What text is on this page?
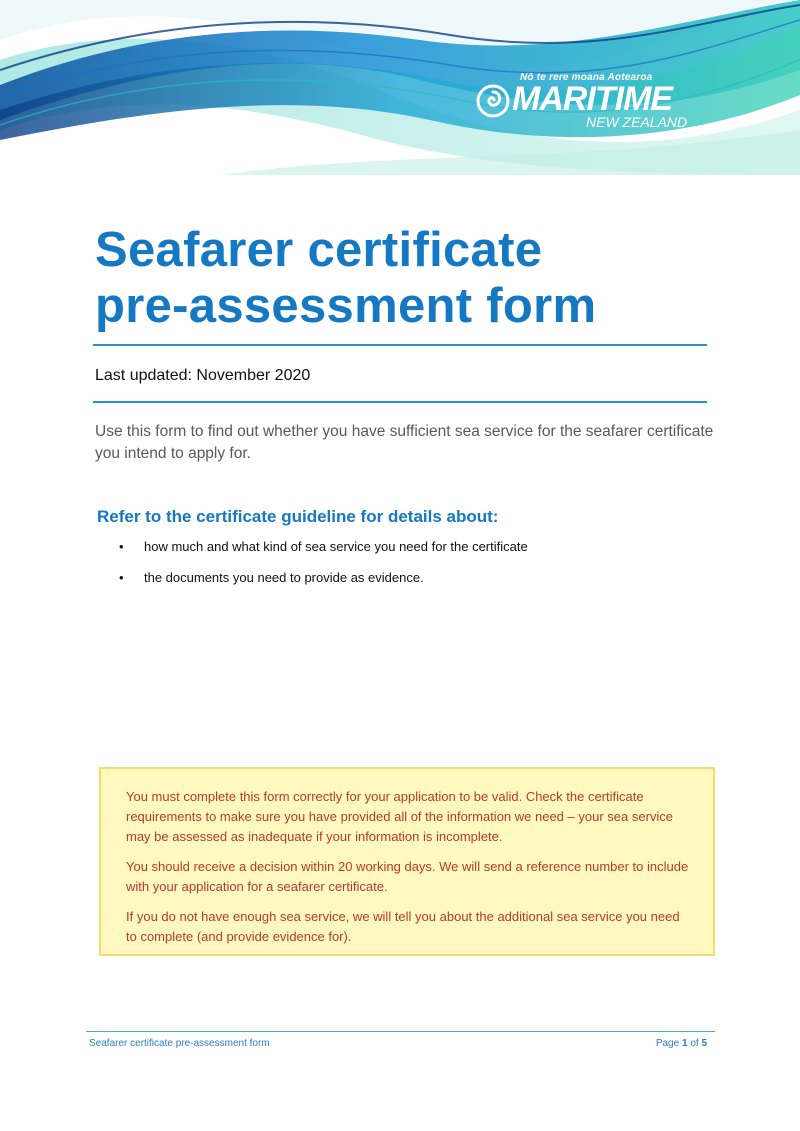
Nō te rere moana Aotearoa
MARITIME
NEW ZEALAND
Seafarer certificate
pre-assessment form
Last updated: November 2020

Use this form to find out whether you have sufficient sea service for the seafarer certificate you intend to apply for.

Refer to the certificate guideline for details about:
• how much and what kind of sea service you need for the certificate
• the documents you need to provide as evidence.

You must complete this form correctly for your application to be valid. Check the certificate requirements to make sure you have provided all of the information we need – your sea service may be assessed as inadequate if your information is incomplete.

You should receive a decision within 20 working days. We will send a reference number to include with your application for a seafarer certificate.

If you do not have enough sea service, we will tell you about the additional sea service you need to complete (and provide evidence for).

Seafarer certificate pre-assessment form	Page 1 of 5
